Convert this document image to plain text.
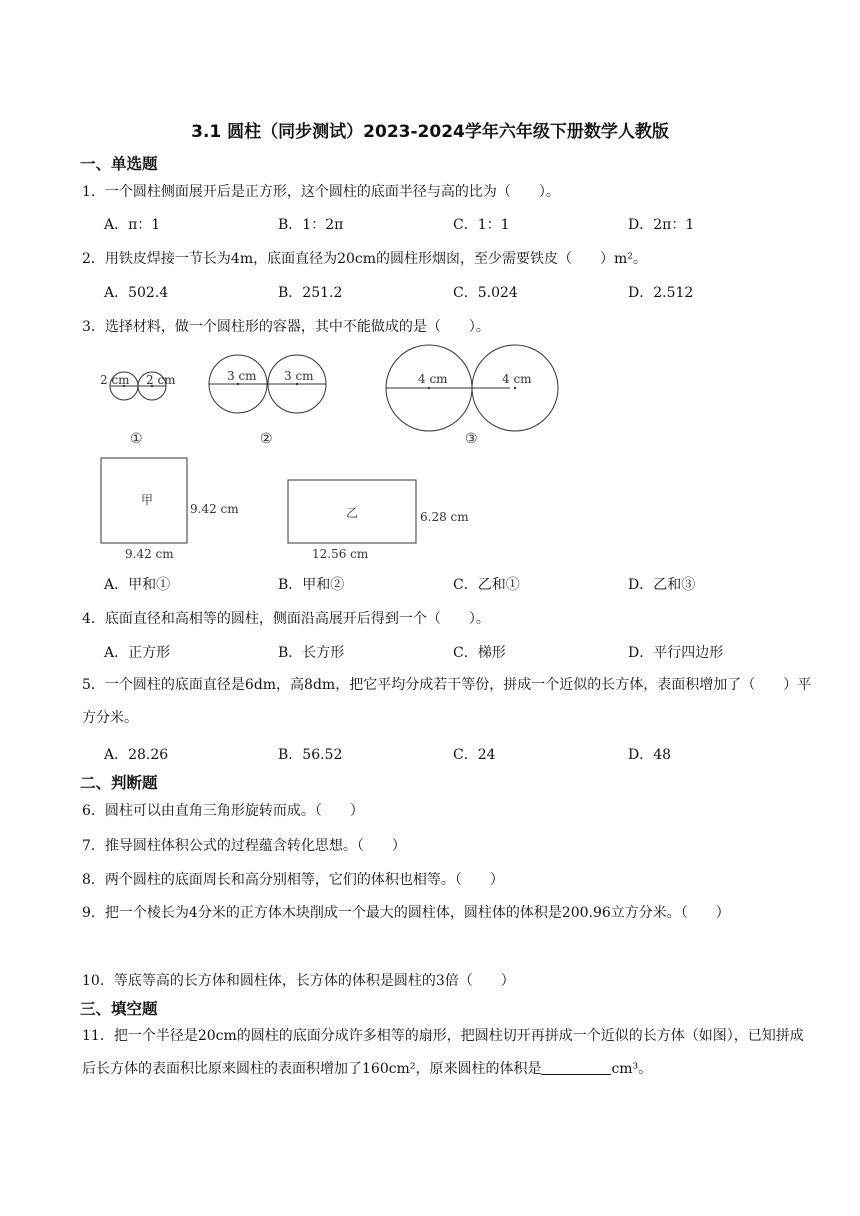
3.1 圆柱（同步测试）2023-2024学年六年级下册数学人教版
一、单选题
1．一个圆柱侧面展开后是正方形，这个圆柱的底面半径与高的比为（　　）。
A．π：1	B．1：2π	C．1：1	D．2π：1
2．用铁皮焊接一节长为4m，底面直径为20cm的圆柱形烟囱，至少需要铁皮（　　）m²。
A．502.4	B．251.2	C．5.024	D．2.512
3．选择材料，做一个圆柱形的容器，其中不能做成的是（　　）。
2 cm 2 cm	3 cm 3 cm	4 cm	4 cm
①	②	③
甲
9.42 cm
9.42 cm
乙	6.28 cm
12.56 cm
A．甲和①	B．甲和②	C．乙和①	D．乙和③
4．底面直径和高相等的圆柱，侧面沿高展开后得到一个（　　）。
A．正方形	B．长方形	C．梯形	D．平行四边形
5．一个圆柱的底面直径是6dm，高8dm，把它平均分成若干等份，拼成一个近似的长方体，表面积增加了（　　）平方分米。
A．28.26	B．56.52	C．24	D．48
二、判断题
6．圆柱可以由直角三角形旋转而成。（　　）
7．推导圆柱体积公式的过程蕴含转化思想。（　　）
8．两个圆柱的底面周长和高分别相等，它们的体积也相等。（　　）
9．把一个棱长为4分米的正方体木块削成一个最大的圆柱体，圆柱体的体积是200.96立方分米。（　　）
10．等底等高的长方体和圆柱体，长方体的体积是圆柱的3倍（　　）
三、填空题
11．把一个半径是20cm的圆柱的底面分成许多相等的扇形，把圆柱切开再拼成一个近似的长方体（如图），已知拼成后长方体的表面积比原来圆柱的表面积增加了160cm²，原来圆柱的体积是	cm³。
